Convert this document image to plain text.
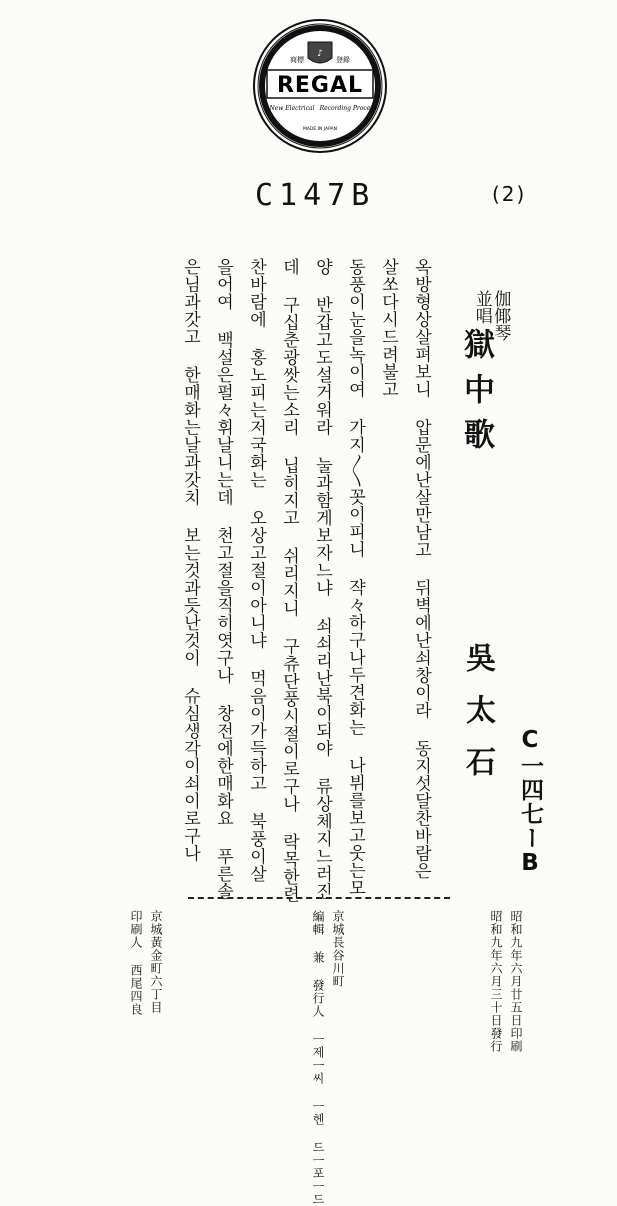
♪
商標	登錄
REGAL
New Electrical Recording Process
MADE IN JAPAN
C147B	(2)
伽倻琴
並唱
獄中歌
吳太石
C一四七ーB
옥방형상살펴보니 압문에난살만남고 뒤벽에난쇠창이라 동지섯달찬바람은
살쏘다시드려불고
동풍이눈을녹이여 가지〳〵꼿이피니 쟉々하구나두견화는 나뷔를보고웃는모
양 반갑고도설거워라 눌과함게보자느냐 쇠쇠리난북이되야 류상체지느러진
데 구십춘광쌋는소리 닙히지고 쉬리지니 구츄단풍시절이로구나 락목한련
찬바람에 홍노피는저국화는 오상고절이아니냐 먹음이가득하고 북풍이살
을어여 백설은펄々휘날니는데 천고절을직히엿구나 창전에한매화요 푸른솔
은님과갓고 한매화는날과갓치 보는것과듯난것이 슈심생각이쇠이로구나
昭和九年六月廿五日印刷
昭和九年六月三十日發行
京城長谷川町
編輯 兼 發行人 ㅡ제ㅡ씨 ㅡ헨 드ㅡ포ㅡ드
京城黃金町六丁目
印刷人 西尾四良
